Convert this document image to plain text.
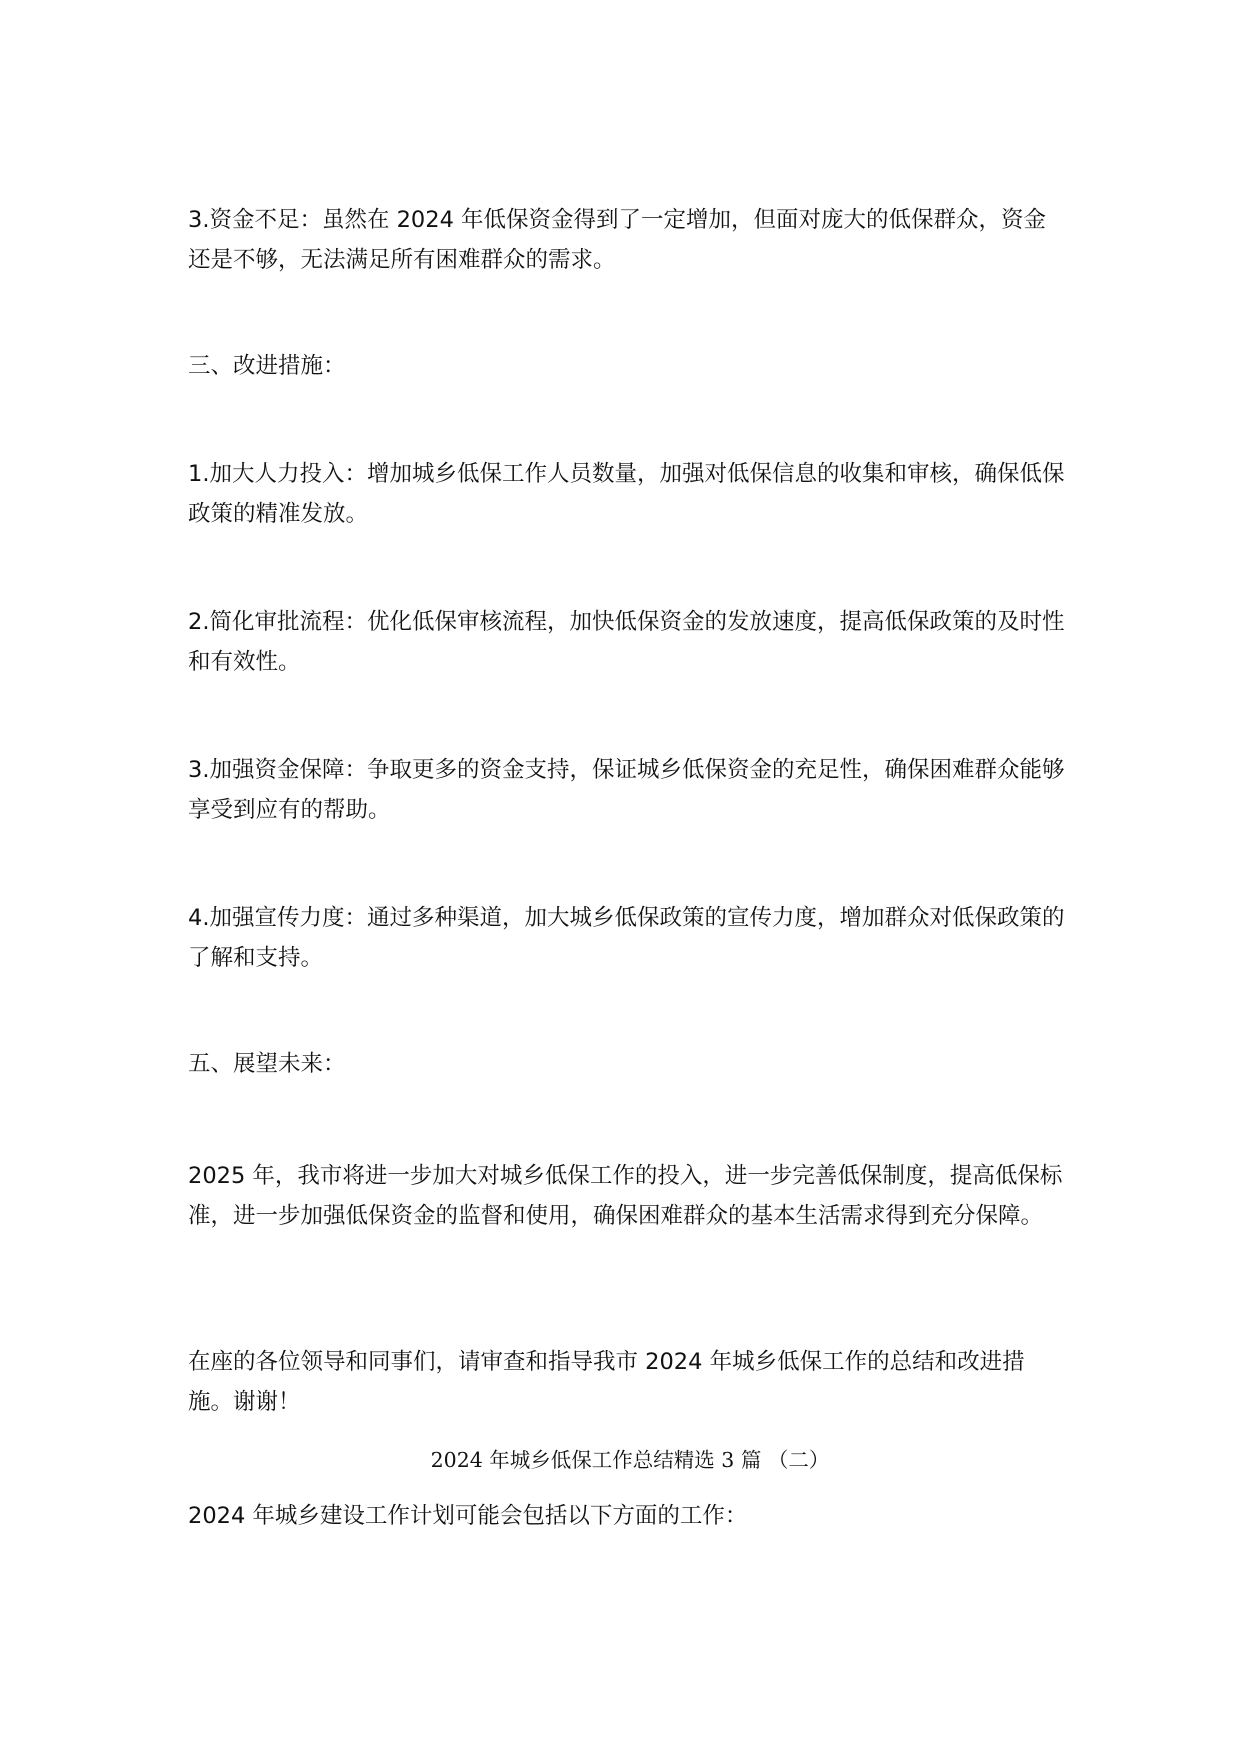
3.资金不足：虽然在 2024 年低保资金得到了一定增加，但面对庞大的低保群众，资金还是不够，无法满足所有困难群众的需求。

三、改进措施：

1.加大人力投入：增加城乡低保工作人员数量，加强对低保信息的收集和审核，确保低保政策的精准发放。

2.简化审批流程：优化低保审核流程，加快低保资金的发放速度，提高低保政策的及时性和有效性。

3.加强资金保障：争取更多的资金支持，保证城乡低保资金的充足性，确保困难群众能够享受到应有的帮助。

4.加强宣传力度：通过多种渠道，加大城乡低保政策的宣传力度，增加群众对低保政策的了解和支持。

五、展望未来：

2025 年，我市将进一步加大对城乡低保工作的投入，进一步完善低保制度，提高低保标准，进一步加强低保资金的监督和使用，确保困难群众的基本生活需求得到充分保障。

在座的各位领导和同事们，请审查和指导我市 2024 年城乡低保工作的总结和改进措施。谢谢！

2024 年城乡低保工作总结精选 3 篇 （二）

2024 年城乡建设工作计划可能会包括以下方面的工作：
